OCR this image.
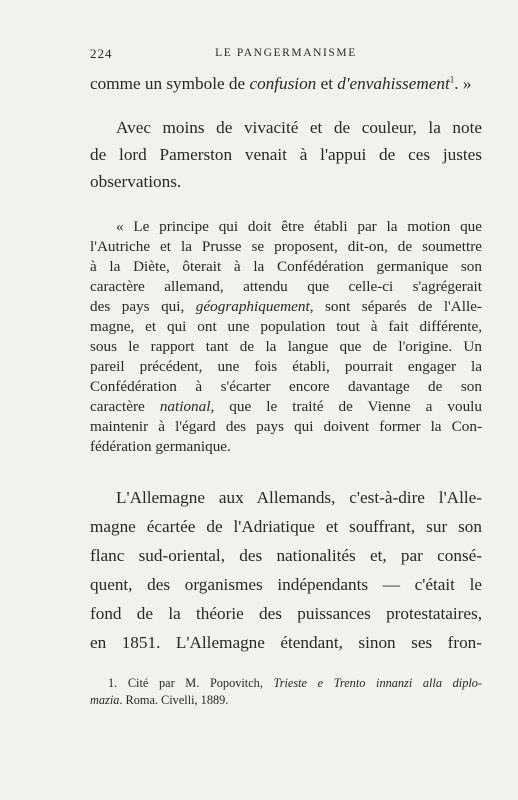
224	LE PANGERMANISME
comme un symbole de confusion et d'envahissement$^1$. »
Avec moins de vivacité et de couleur, la note
de lord Pamerston venait à l'appui de ces justes
observations.
« Le principe qui doit être établi par la motion que
l'Autriche et la Prusse se proposent, dit-on, de soumettre
à la Diète, ôterait à la Confédération germanique son
caractère allemand, attendu que celle-ci s'agrégerait
des pays qui, géographiquement, sont séparés de l'Alle-
magne, et qui ont une population tout à fait différente,
sous le rapport tant de la langue que de l'origine. Un
pareil précédent, une fois établi, pourrait engager la
Confédération à s'écarter encore davantage de son
caractère national, que le traité de Vienne a voulu
maintenir à l'égard des pays qui doivent former la Con-
fédération germanique.
L'Allemagne aux Allemands, c'est-à-dire l'Alle-
magne écartée de l'Adriatique et souffrant, sur son
flanc sud-oriental, des nationalités et, par consé-
quent, des organismes indépendants — c'était le
fond de la théorie des puissances protestataires,
en 1851. L'Allemagne étendant, sinon ses fron-
1. Cité par M. Popovitch, Trieste e Trento innanzi alla diplo-
mazia. Roma. Civelli, 1889.
